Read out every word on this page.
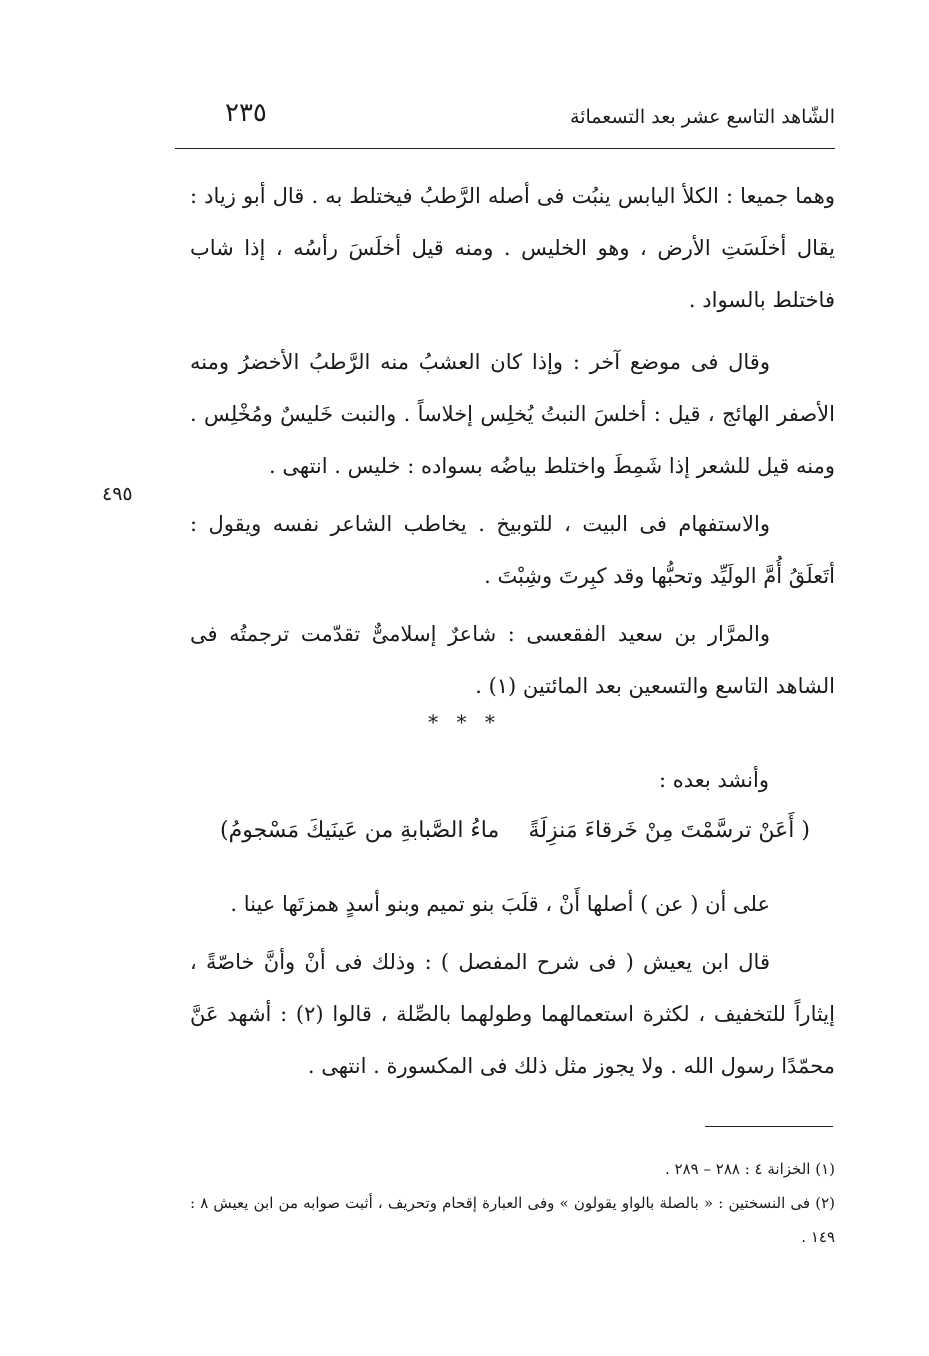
الشّاهد التاسع عشر بعد التسعمائة
٢٣٥
٤٩٥

وهما جميعا : الكلأ اليابس ينبُت فى أصله الرَّطبُ فيختلط به . قال أبو زياد : يقال أخلَسَتِ الأرض ، وهو الخليس . ومنه قيل أخلَسَ رأسُه ، إذا شاب فاختلط بالسواد .

وقال فى موضع آخر : وإذا كان العشبُ منه الرَّطبُ الأخضرُ ومنه الأصفر الهائج ، قيل : أخلسَ النبتُ يُخلِس إخلاساً . والنبت خَليسٌ ومُخْلِس . ومنه قيل للشعر إذا شَمِطَ واختلط بياضُه بسواده : خليس . انتهى .

والاستفهام فى البيت ، للتوبيخ . يخاطب الشاعر نفسه ويقول : أتَعلَقُ أُمَّ الولَيِّد وتحبُّها وقد كبِرتَ وشِبْتَ .

والمرَّار بن سعيد الفقعسى : شاعرٌ إسلامىٌّ تقدّمت ترجمتُه فى الشاهد التاسع والتسعين بعد المائتين (١) .

* * *
وأنشد بعده :
( أَعَنْ ترسَّمْتَ مِنْ خَرقاءَ مَنزِلَةً
ماءُ الصَّبابةِ من عَينَيكَ مَسْجومُ)

على أن ( عن ) أصلها أَنْ ، قلَبَ بنو تميم وبنو أسدٍ همزتَها عينا .

قال ابن يعيش ( فى شرح المفصل ) : وذلك فى أنْ وأنَّ خاصّةً ، إيثاراً للتخفيف ، لكثرة استعمالهما وطولهما بالصِّلة ، قالوا (٢) : أشهد عَنَّ محمّدًا رسول الله . ولا يجوز مثل ذلك فى المكسورة . انتهى .

(١) الخزانة ٤ : ٢٨٨ – ٢٨٩ .

(٢) فى النسختين : « بالصلة بالواو يقولون » وفى العبارة إقحام وتحريف ، أثبت صوابه من ابن يعيش ٨ : ١٤٩ .
